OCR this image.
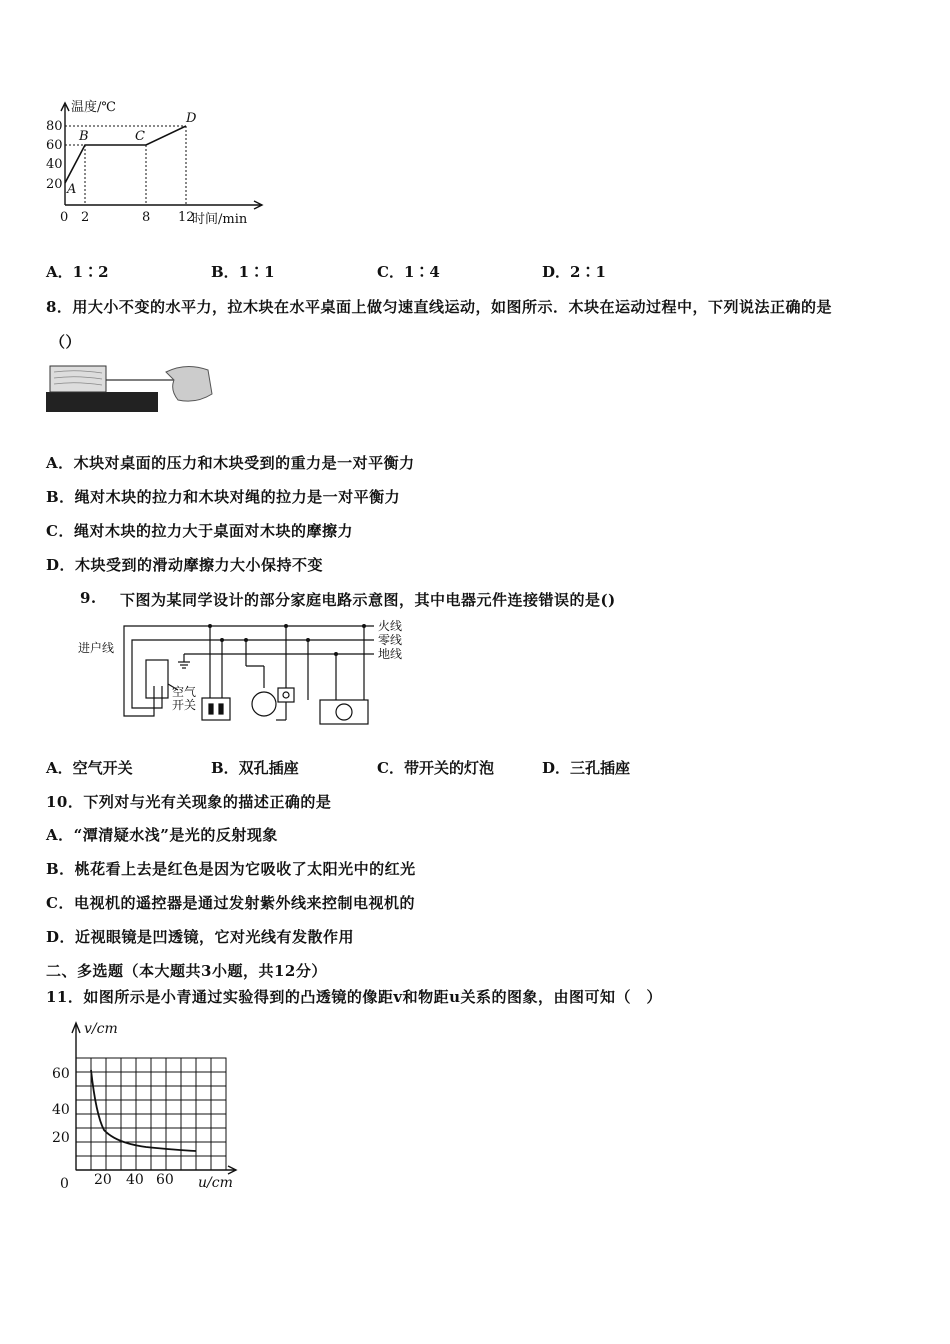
温度/℃
20
40
60
80
0 2	8 12
时间/min
A
B	C
D
A．1∶2	B．1∶1	C．1∶4	D．2∶1
8．用大小不变的水平力，拉木块在水平桌面上做匀速直线运动，如图所示．木块在运动过程中，下列说法正确的是
（）
A．木块对桌面的压力和木块受到的重力是一对平衡力
B．绳对木块的拉力和木块对绳的拉力是一对平衡力
C．绳对木块的拉力大于桌面对木块的摩擦力
D．木块受到的滑动摩擦力大小保持不变
9. 下图为某同学设计的部分家庭电路示意图，其中电器元件连接错误的是()
火线
零线
地线
进户线
空气
开关
A．空气开关	B．双孔插座	C．带开关的灯泡	D．三孔插座
10．下列对与光有关现象的描述正确的是
A．“潭清疑水浅”是光的反射现象
B．桃花看上去是红色是因为它吸收了太阳光中的红光
C．电视机的遥控器是通过发射紫外线来控制电视机的
D．近视眼镜是凹透镜，它对光线有发散作用
二、多选题（本大题共3小题，共12分）
11．如图所示是小青通过实验得到的凸透镜的像距v和物距u关系的图象，由图可知（　）
v/cm
20
40
60
0 20 40 60 u/cm
